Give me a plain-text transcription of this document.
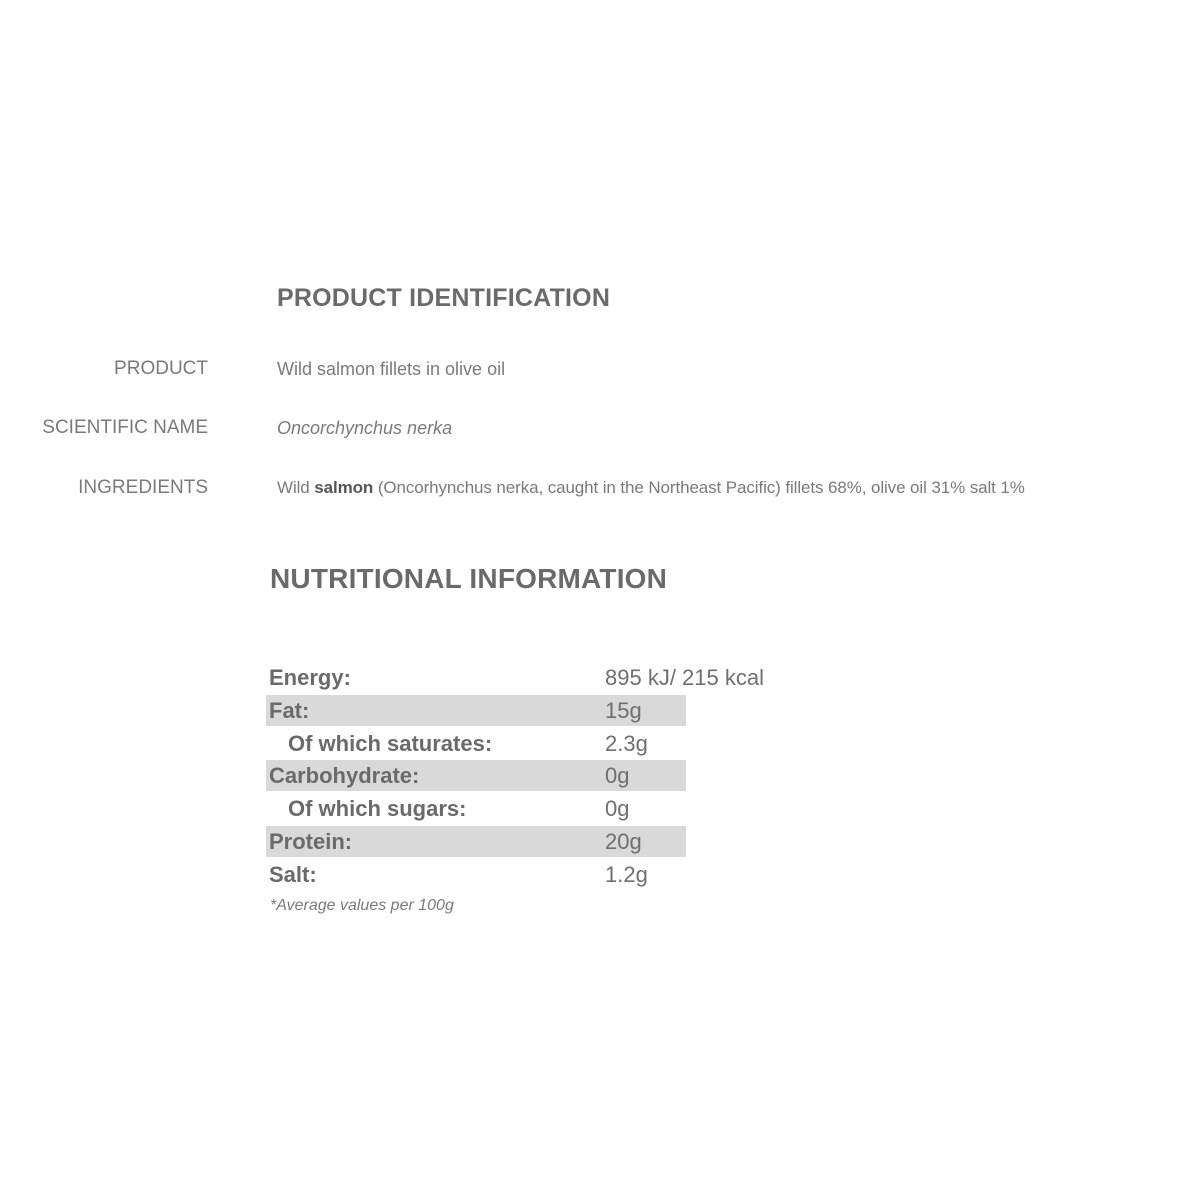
PRODUCT IDENTIFICATION
PRODUCT	Wild salmon fillets in olive oil
SCIENTIFIC NAME	Oncorchynchus nerka
INGREDIENTS	Wild salmon (Oncorhynchus nerka, caught in the Northeast Pacific) fillets 68%, olive oil 31% salt 1%
NUTRITIONAL INFORMATION
Energy:	895 kJ/ 215 kcal
Fat:	15g
Of which saturates:	2.3g
Carbohydrate:	0g
Of which sugars:	0g
Protein:	20g
Salt:	1.2g
*Average values per 100g
